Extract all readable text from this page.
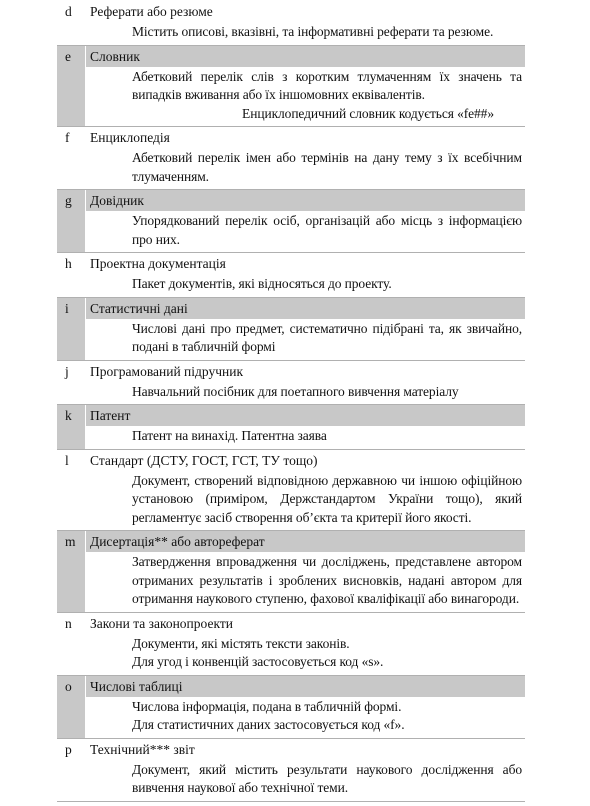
d	Реферати або резюме

Містить описові, вказівні, та інформативні реферати та резюме.

e	Словник

Абетковий перелік слів з коротким тлумаченням їх значень та випадків вживання або їх іншомовних еквівалентів.

Енциклопедичний словник кодується «fe##»

f	Енциклопедія

Абетковий перелік імен або термінів на дану тему з їх всебічним тлумаченням.

g	Довідник

Упорядкований перелік осіб, організацій або місць з інформацією про них.

h	Проектна документація

Пакет документів, які відносяться до проекту.

i	Статистичні дані

Числові дані про предмет, систематично підібрані та, як звичайно, подані в табличній формі

j	Програмований підручник

Навчальний посібник для поетапного вивчення матеріалу

k	Патент

Патент на винахід. Патентна заява

l	Стандарт (ДСТУ, ГОСТ, ГСТ, ТУ тощо)

Документ, створений відповідною державною чи іншою офіційною установою (приміром, Держстандартом України тощо), який регламентує засіб створення об’єкта та критерії його якості.

m	Дисертація** або автореферат

Затвердження впровадження чи досліджень, представлене автором отриманих результатів і зроблених висновків, надані автором для отримання наукового ступеню, фахової кваліфікації або винагороди.

n	Закони та законопроекти

Документи, які містять тексти законів.

Для угод і конвенцій застосовується код «s».

o	Числові таблиці

Числова інформація, подана в табличній формі.

Для статистичних даних застосовується код «f».

p	Технічний*** звіт

Документ, який містить результати наукового дослідження або вивчення наукової або технічної теми.
